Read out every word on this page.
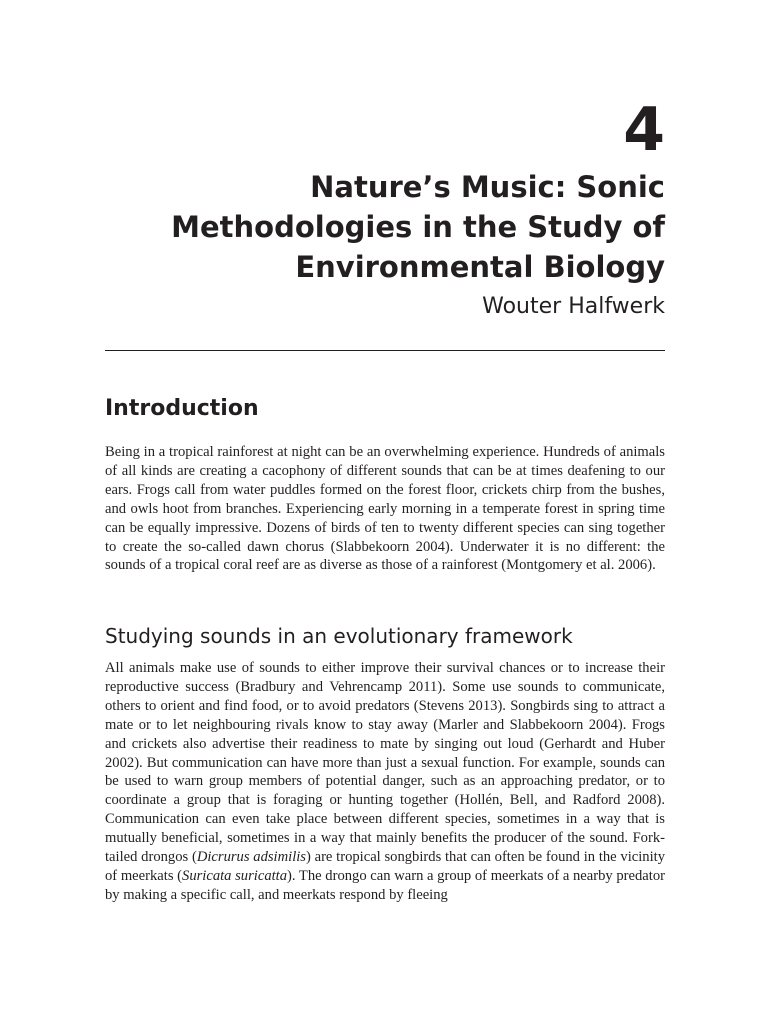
4
Nature’s Music: Sonic Methodologies in the Study of Environmental Biology
Wouter Halfwerk
Introduction

Being in a tropical rainforest at night can be an overwhelming experience. Hundreds of animals of all kinds are creating a cacophony of different sounds that can be at times deafening to our ears. Frogs call from water puddles formed on the forest floor, crickets chirp from the bushes, and owls hoot from branches. Experiencing early morning in a temperate forest in spring time can be equally impressive. Dozens of birds of ten to twenty different species can sing together to create the so-called dawn chorus (Slabbekoorn 2004). Underwater it is no different: the sounds of a tropical coral reef are as diverse as those of a rainforest (Montgomery et al. 2006).

Studying sounds in an evolutionary framework

All animals make use of sounds to either improve their survival chances or to increase their reproductive success (Bradbury and Vehrencamp 2011). Some use sounds to communicate, others to orient and find food, or to avoid predators (Stevens 2013). Songbirds sing to attract a mate or to let neighbouring rivals know to stay away (Marler and Slabbekoorn 2004). Frogs and crickets also advertise their readiness to mate by singing out loud (Gerhardt and Huber 2002). But communication can have more than just a sexual function. For example, sounds can be used to warn group members of potential danger, such as an approaching predator, or to coordinate a group that is foraging or hunting together (Hollén, Bell, and Radford 2008). Communication can even take place between different species, sometimes in a way that is mutually beneficial, sometimes in a way that mainly benefits the producer of the sound. Fork-tailed drongos (Dicrurus adsimilis) are tropical songbirds that can often be found in the vicinity of meerkats (Suricata suricatta). The drongo can warn a group of meerkats of a nearby predator by making a specific call, and meerkats respond by fleeing
